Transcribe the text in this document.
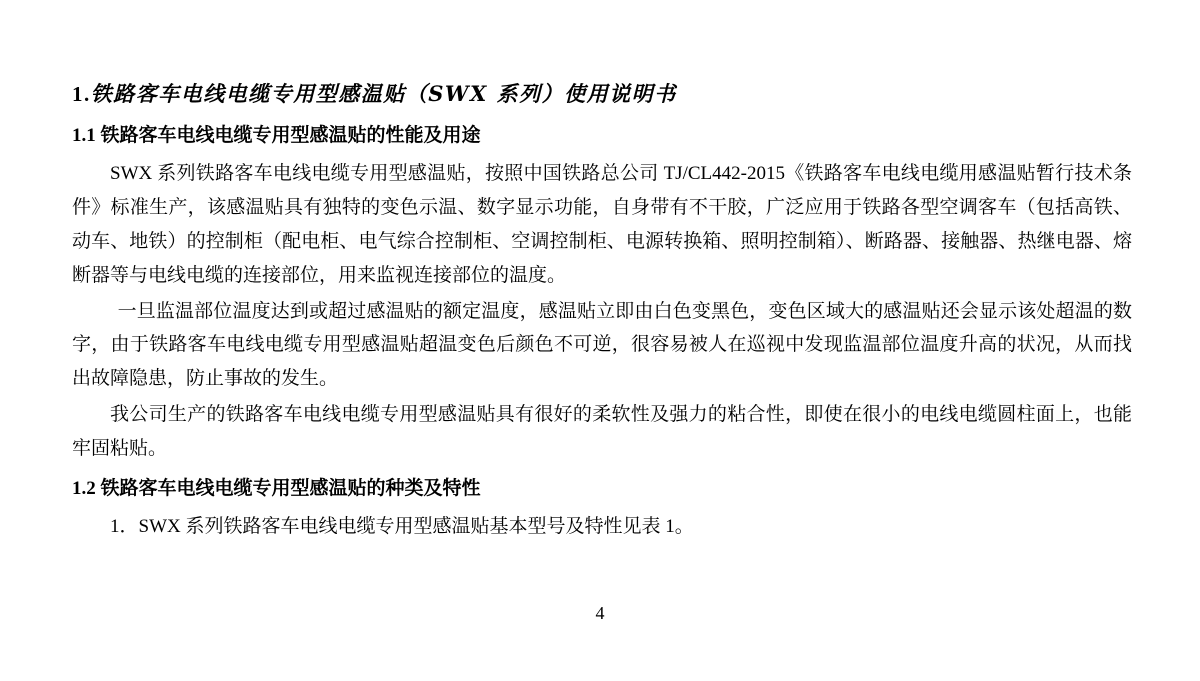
1.铁路客车电线电缆专用型感温贴（SWX 系列）使用说明书
1.1 铁路客车电线电缆专用型感温贴的性能及用途

SWX 系列铁路客车电线电缆专用型感温贴，按照中国铁路总公司 TJ/CL442-2015《铁路客车电线电缆用感温贴暂行技术条件》标准生产，该感温贴具有独特的变色示温、数字显示功能，自身带有不干胶，广泛应用于铁路各型空调客车（包括高铁、动车、地铁）的控制柜（配电柜、电气综合控制柜、空调控制柜、电源转换箱、照明控制箱）、断路器、接触器、热继电器、熔断器等与电线电缆的连接部位，用来监视连接部位的温度。

一旦监温部位温度达到或超过感温贴的额定温度，感温贴立即由白色变黑色，变色区域大的感温贴还会显示该处超温的数字，由于铁路客车电线电缆专用型感温贴超温变色后颜色不可逆，很容易被人在巡视中发现监温部位温度升高的状况，从而找出故障隐患，防止事故的发生。

我公司生产的铁路客车电线电缆专用型感温贴具有很好的柔软性及强力的粘合性，即使在很小的电线电缆圆柱面上，也能牢固粘贴。

1.2 铁路客车电线电缆专用型感温贴的种类及特性

1．SWX 系列铁路客车电线电缆专用型感温贴基本型号及特性见表 1。

4
